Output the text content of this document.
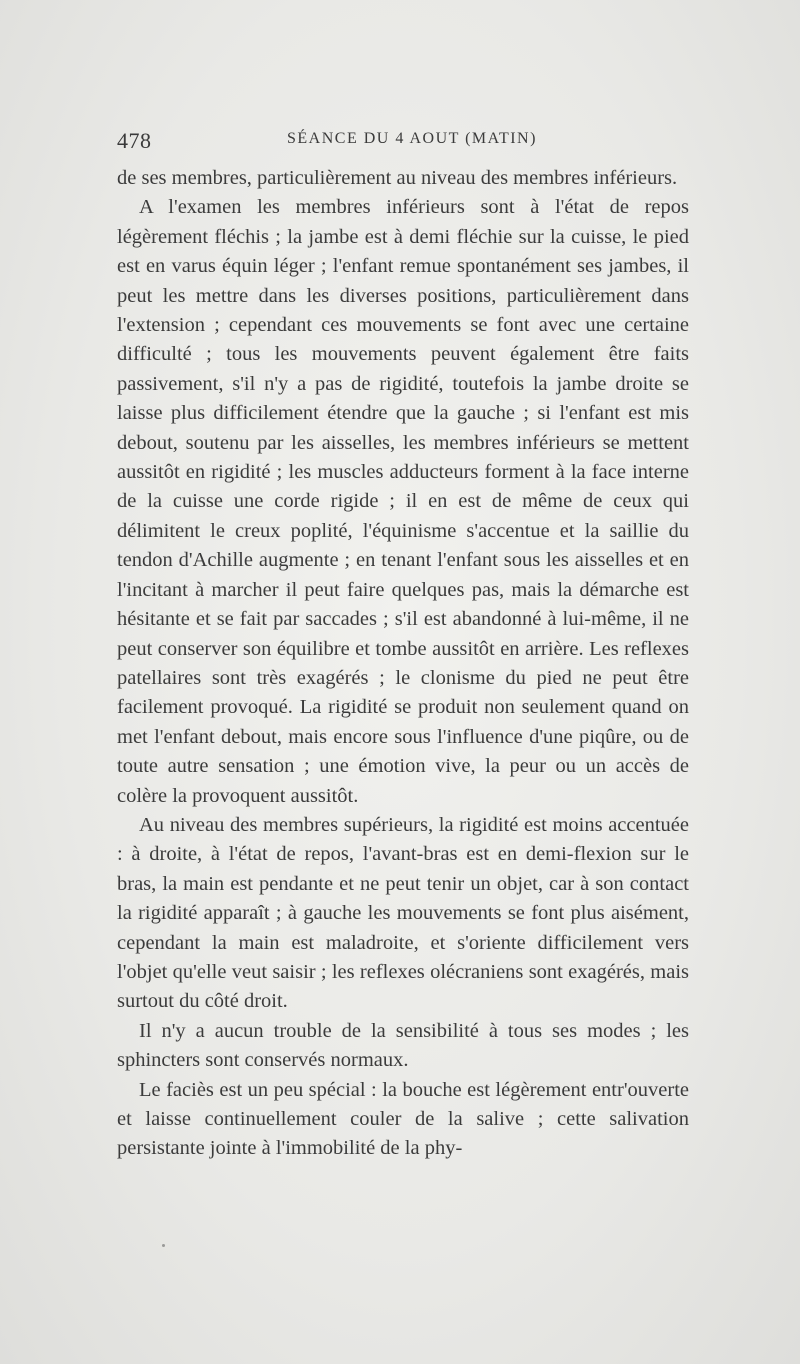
478	SÉANCE DU 4 AOUT (MATIN)

de ses membres, particulièrement au niveau des membres inférieurs.

A l'examen les membres inférieurs sont à l'état de repos légèrement fléchis ; la jambe est à demi fléchie sur la cuisse, le pied est en varus équin léger ; l'enfant remue spontanément ses jambes, il peut les mettre dans les diverses positions, particulièrement dans l'extension ; cependant ces mouvements se font avec une certaine difficulté ; tous les mouvements peuvent également être faits passivement, s'il n'y a pas de rigidité, toutefois la jambe droite se laisse plus difficilement étendre que la gauche ; si l'enfant est mis debout, soutenu par les aisselles, les membres inférieurs se mettent aussitôt en rigidité ; les muscles adducteurs forment à la face interne de la cuisse une corde rigide ; il en est de même de ceux qui délimitent le creux poplité, l'équinisme s'accentue et la saillie du tendon d'Achille augmente ; en tenant l'enfant sous les aisselles et en l'incitant à marcher il peut faire quelques pas, mais la démarche est hésitante et se fait par saccades ; s'il est abandonné à lui-même, il ne peut conserver son équilibre et tombe aussitôt en arrière. Les reflexes patellaires sont très exagérés ; le clonisme du pied ne peut être facilement provoqué. La rigidité se produit non seulement quand on met l'enfant debout, mais encore sous l'influence d'une piqûre, ou de toute autre sensation ; une émotion vive, la peur ou un accès de colère la provoquent aussitôt.

Au niveau des membres supérieurs, la rigidité est moins accentuée : à droite, à l'état de repos, l'avant-bras est en demi-flexion sur le bras, la main est pendante et ne peut tenir un objet, car à son contact la rigidité apparaît ; à gauche les mouvements se font plus aisément, cependant la main est maladroite, et s'oriente difficilement vers l'objet qu'elle veut saisir ; les reflexes olécraniens sont exagérés, mais surtout du côté droit.

Il n'y a aucun trouble de la sensibilité à tous ses modes ; les sphincters sont conservés normaux.

Le faciès est un peu spécial : la bouche est légèrement entr'ouverte et laisse continuellement couler de la salive ; cette salivation persistante jointe à l'immobilité de la phy-
